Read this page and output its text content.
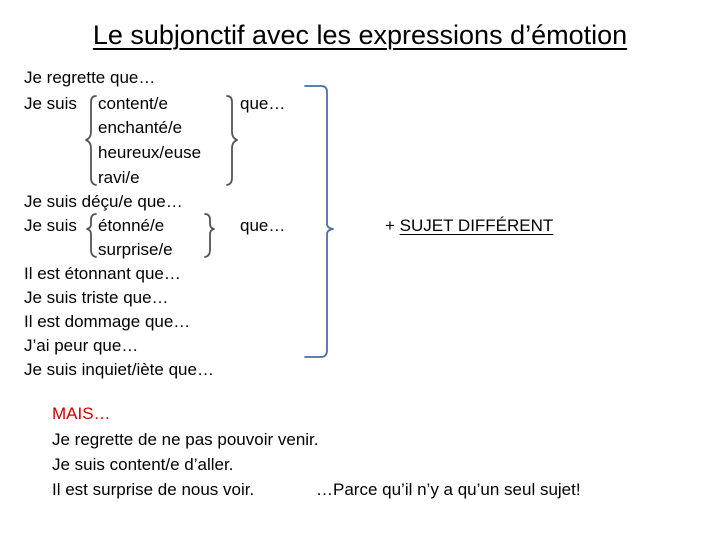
Le subjonctif avec les expressions d’émotion
Je regrette que…
Je suis content/e
enchanté/e
heureux/euse
ravi/e
que…
Je suis déçu/e que…
Je suis étonné/e
surprise/e
que…
Il est étonnant que…
Je suis triste que…
Il est dommage que…
J’ai peur que…
Je suis inquiet/iète que…
+ SUJET DIFFÉRENT
MAIS…
Je regrette de ne pas pouvoir venir.
Je suis content/e d’aller.
Il est surprise de nous voir.	…Parce qu’il n’y a qu’un seul sujet!
